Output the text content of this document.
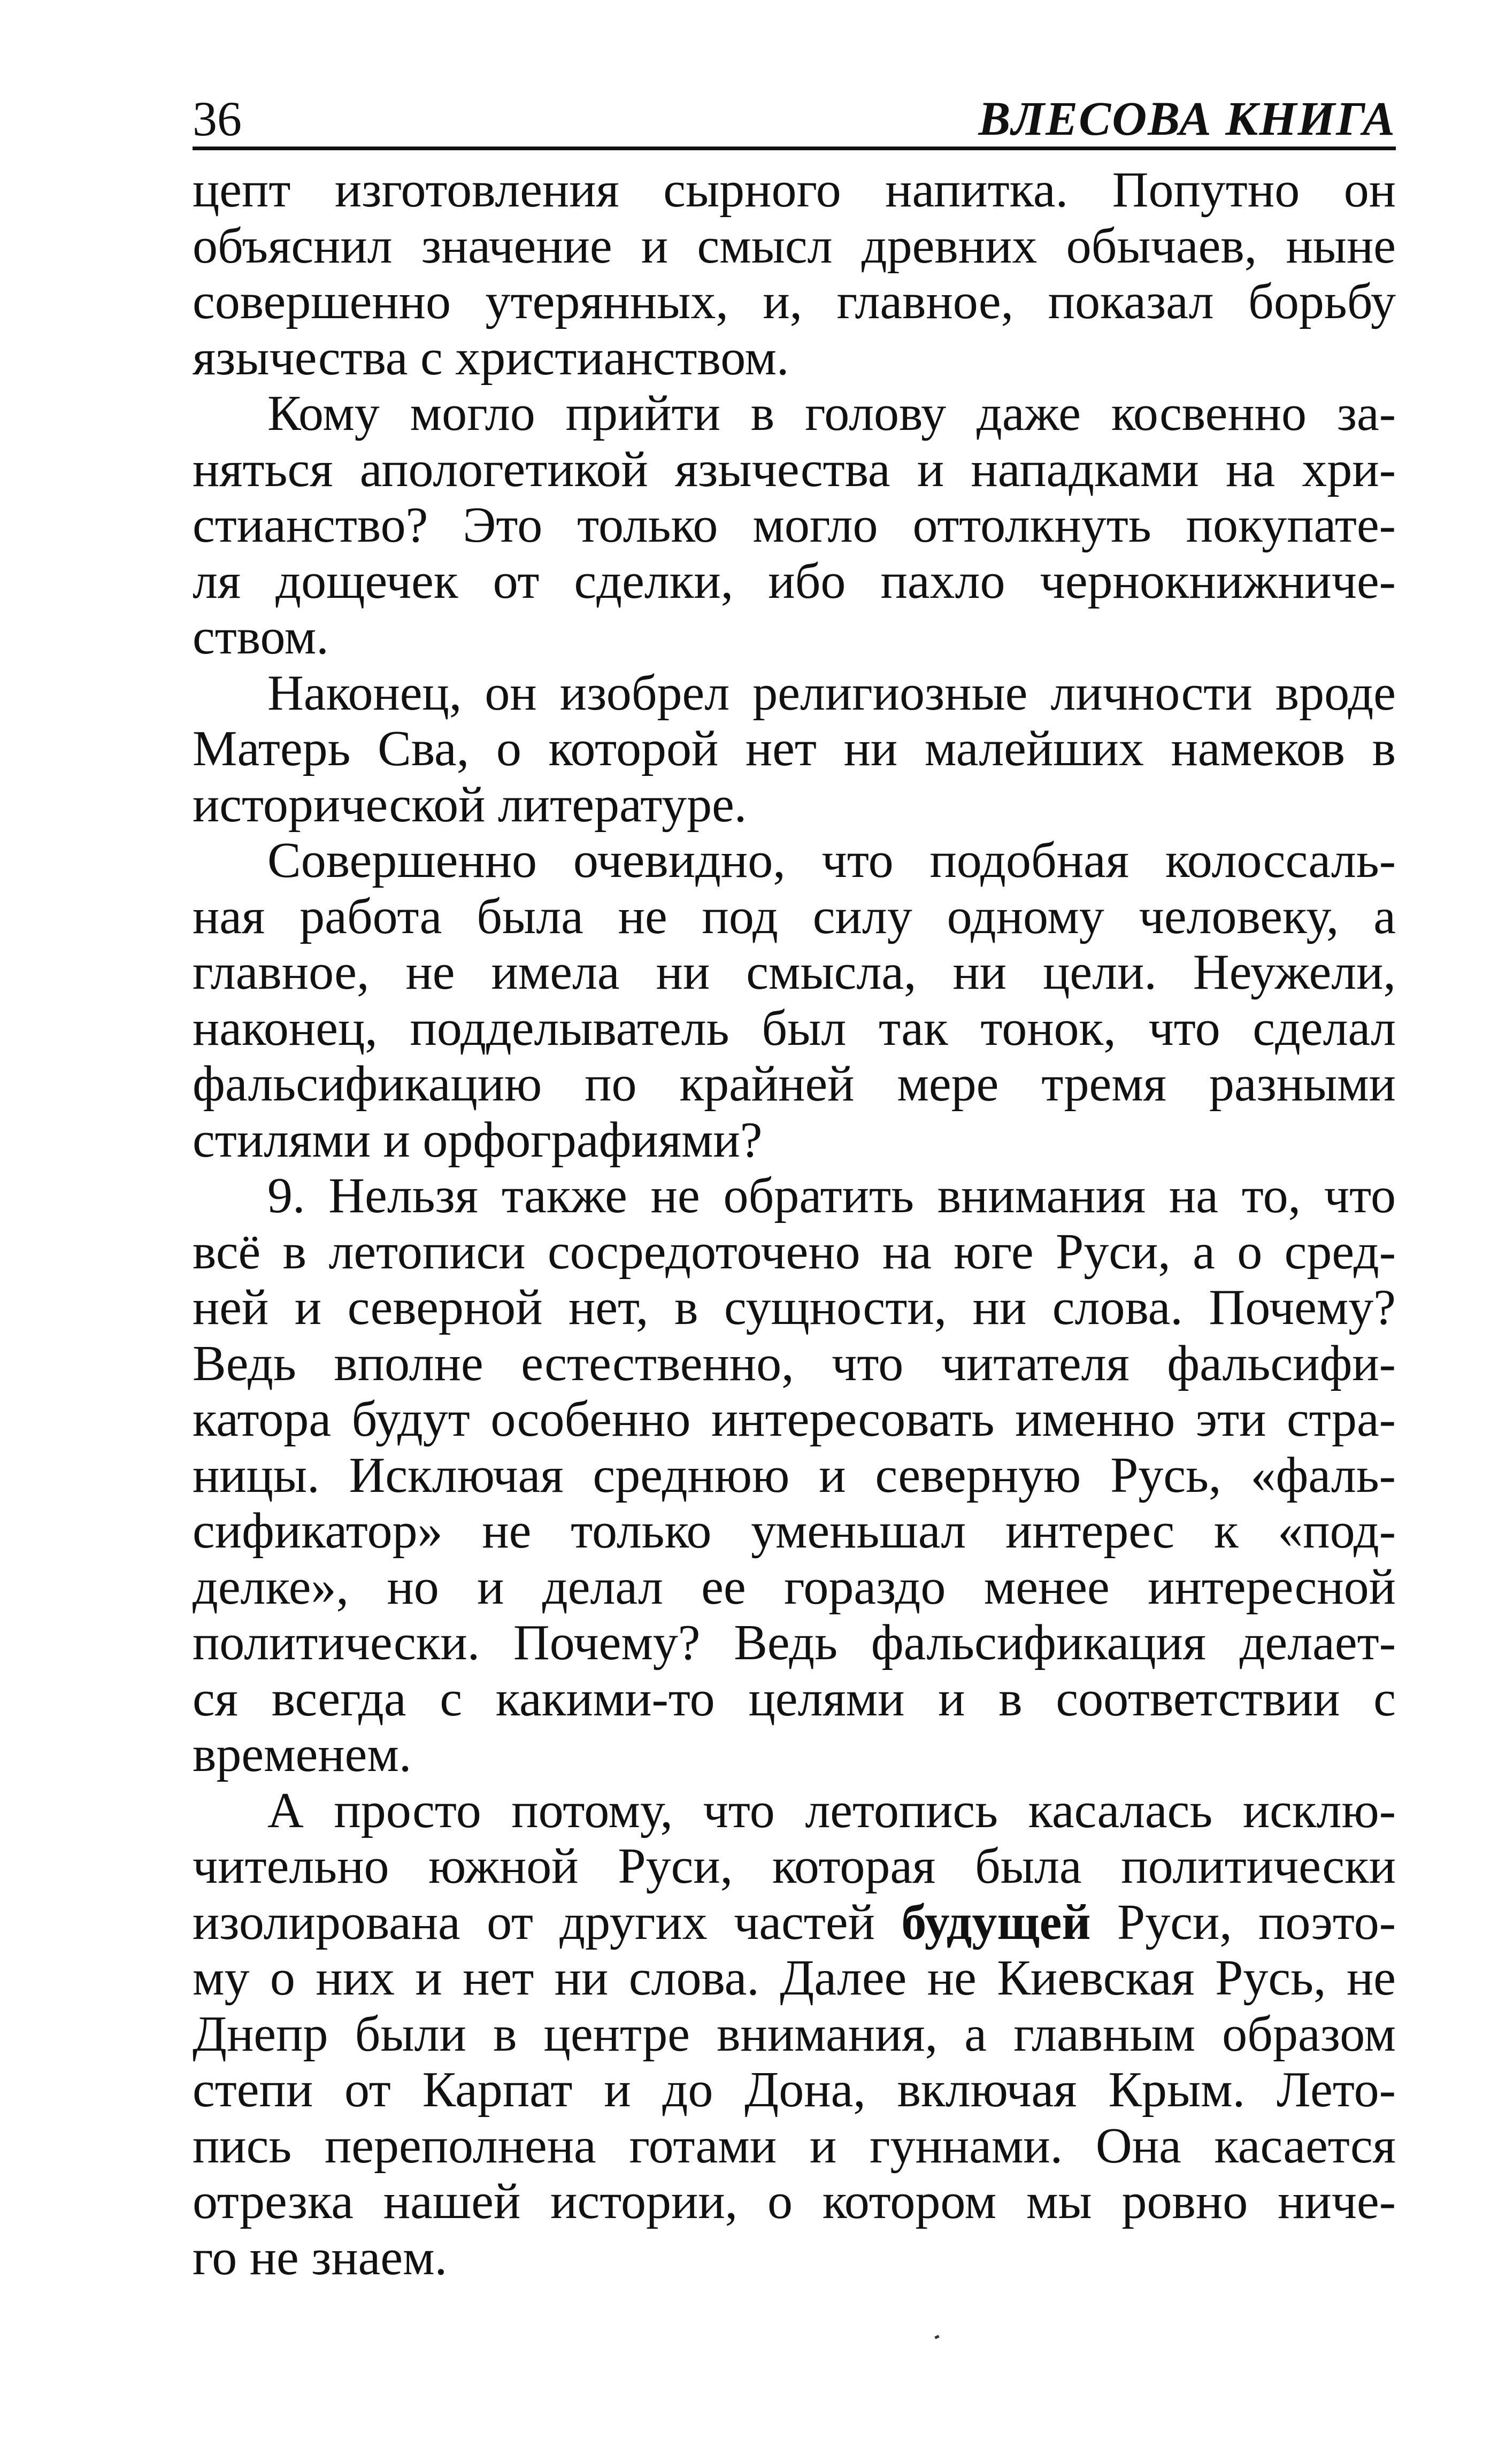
36	ВЛЕСОВА КНИГА

цепт изготовления сырного напитка. Попутно он
объяснил значение и смысл древних обычаев, ныне
совершенно утерянных, и, главное, показал борьбу
язычества с христианством.

Кому могло прийти в голову даже косвенно за-
няться апологетикой язычества и нападками на хри-
стианство? Это только могло оттолкнуть покупате-
ля дощечек от сделки, ибо пахло чернокнижниче-
ством.

Наконец, он изобрел религиозные личности вроде
Матерь Сва, о которой нет ни малейших намеков в
исторической литературе.

Совершенно очевидно, что подобная колоссаль-
ная работа была не под силу одному человеку, а
главное, не имела ни смысла, ни цели. Неужели,
наконец, подделыватель был так тонок, что сделал
фальсификацию по крайней мере тремя разными
стилями и орфографиями?

9. Нельзя также не обратить внимания на то, что
всё в летописи сосредоточено на юге Руси, а о сред-
ней и северной нет, в сущности, ни слова. Почему?
Ведь вполне естественно, что читателя фальсифи-
катора будут особенно интересовать именно эти стра-
ницы. Исключая среднюю и северную Русь, «фаль-
сификатор» не только уменьшал интерес к «под-
делке», но и делал ее гораздо менее интересной
политически. Почему? Ведь фальсификация делает-
ся всегда с какими-то целями и в соответствии с
временем.

А просто потому, что летопись касалась исклю-
чительно южной Руси, которая была политически
изолирована от других частей будущей Руси, поэто-
му о них и нет ни слова. Далее не Киевская Русь, не
Днепр были в центре внимания, а главным образом
степи от Карпат и до Дона, включая Крым. Лето-
пись переполнена готами и гуннами. Она касается
отрезка нашей истории, о котором мы ровно ниче-
го не знаем.
